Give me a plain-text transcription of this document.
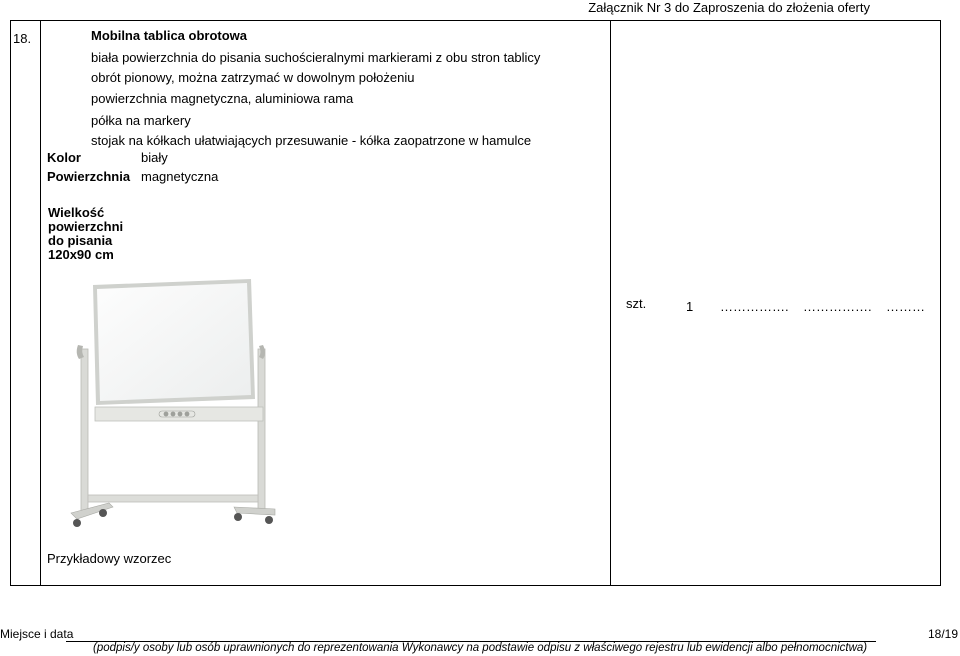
Załącznik Nr 3 do Zaproszenia do złożenia oferty
18.	Mobilna tablica obrotowa
biała powierzchnia do pisania suchościeralnymi markierami z obu stron tablicy
obrót pionowy, można zatrzymać w dowolnym położeniu
powierzchnia magnetyczna, aluminiowa rama
półka na markery
stojak na kółkach ułatwiających przesuwanie - kółka zaopatrzone w hamulce
Kolor	biały
Powierzchnia magnetyczna
Wielkość
powierzchni
do pisania
120x90 cm
Przykładowy wzorzec
szt.	1 ……………. ……………. ………
Miejsce i data
(podpis/y osoby lub osób uprawnionych do reprezentowania Wykonawcy na podstawie odpisu z właściwego rejestru lub ewidencji albo pełnomocnictwa)
18/19
